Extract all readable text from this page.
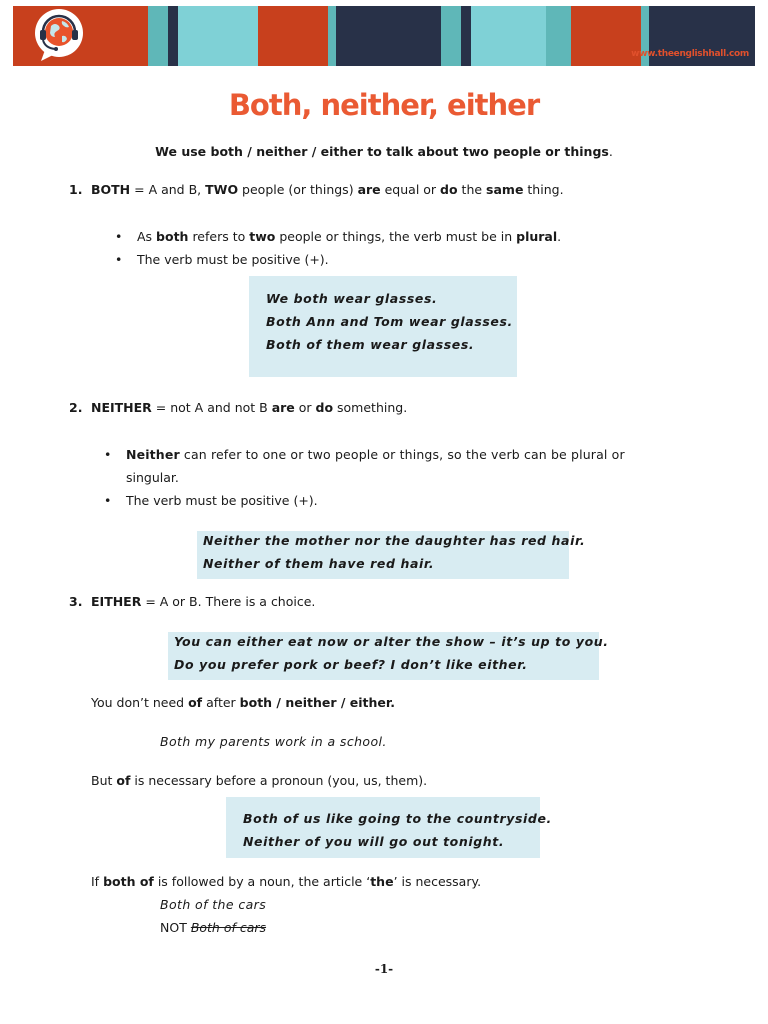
www.theenglishhall.com
Both, neither, either
We use both / neither / either to talk about two people or things.
1. BOTH = A and B, TWO people (or things) are equal or do the same thing.
• As both refers to two people or things, the verb must be in plural.
• The verb must be positive (+).
We both wear glasses.
Both Ann and Tom wear glasses.
Both of them wear glasses.
2. NEITHER = not A and not B are or do something.
• Neither can refer to one or two people or things, so the verb can be plural or
singular.
• The verb must be positive (+).
Neither the mother nor the daughter has red hair.
Neither of them have red hair.
3. EITHER = A or B. There is a choice.
You can either eat now or alter the show – it’s up to you.
Do you prefer pork or beef? I don’t like either.
You don’t need of after both / neither / either.
Both my parents work in a school.
But of is necessary before a pronoun (you, us, them).
Both of us like going to the countryside.
Neither of you will go out tonight.
If both of is followed by a noun, the article ‘the’ is necessary.
Both of the cars
NOT Both of cars
-1-
